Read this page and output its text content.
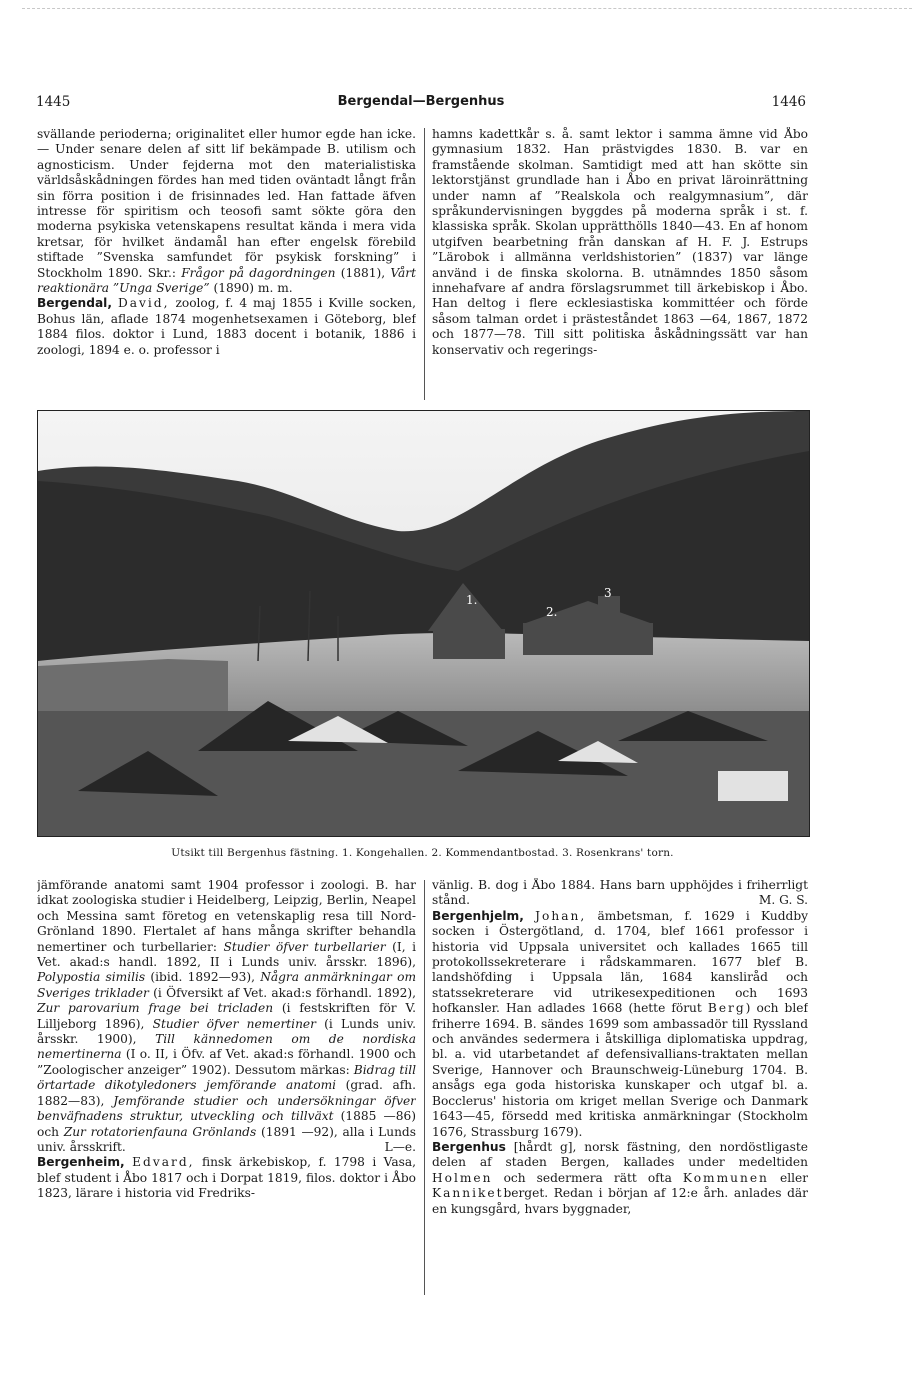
1445	Bergendal—Bergenhus	1446

svällande perioderna; originalitet eller humor egde han icke. — Under senare delen af sitt lif bekämpade B. utilism och agnosticism. Under fejderna mot den materialistiska världsåskådningen fördes han med tiden oväntadt långt från sin förra position i de frisinnades led. Han fattade äfven intresse för spiritism och teosofi samt sökte göra den moderna psykiska vetenskapens resultat kända i mera vida kretsar, för hvilket ändamål han efter engelsk förebild stiftade ”Svenska samfundet för psykisk forskning” i Stockholm 1890. Skr.: Frågor på dagordningen (1881), Vårt reaktionära ”Unga Sverige” (1890) m. m.

Bergendal, David, zoolog, f. 4 maj 1855 i Kville socken, Bohus län, aflade 1874 mogenhetsexamen i Göteborg, blef 1884 filos. doktor i Lund, 1883 docent i botanik, 1886 i zoologi, 1894 e. o. professor i

hamns kadettkår s. å. samt lektor i samma ämne vid Åbo gymnasium 1832. Han prästvigdes 1830. B. var en framstående skolman. Samtidigt med att han skötte sin lektorstjänst grundlade han i Åbo en privat läroinrättning under namn af ”Realskola och realgymnasium”, där språkundervisningen byggdes på moderna språk i st. f. klassiska språk. Skolan upprätthölls 1840—43. En af honom utgifven bearbetning från danskan af H. F. J. Estrups ”Lärobok i allmänna verldshistorien” (1837) var länge använd i de finska skolorna. B. utnämndes 1850 såsom innehafvare af andra förslagsrummet till ärkebiskop i Åbo. Han deltog i flere ecklesiastiska kommittéer och förde såsom talman ordet i prästeståndet 1863 —64, 1867, 1872 och 1877—78. Till sitt politiska åskådningssätt var han konservativ och regerings-

1.
2.
3
Utsikt till Bergenhus fästning. 1. Kongehallen. 2. Kommendantbostad. 3. Rosenkrans' torn.

jämförande anatomi samt 1904 professor i zoologi. B. har idkat zoologiska studier i Heidelberg, Leipzig, Berlin, Neapel och Messina samt företog en vetenskaplig resa till Nord-Grönland 1890. Flertalet af hans många skrifter behandla nemertiner och turbellarier: Studier öfver turbellarier (I, i Vet. akad:s handl. 1892, II i Lunds univ. årsskr. 1896), Polypostia similis (ibid. 1892—93), Några anmärkningar om Sveriges triklader (i Öfversikt af Vet. akad:s förhandl. 1892), Zur parovarium frage bei tricladen (i festskriften för V. Lilljeborg 1896), Studier öfver nemertiner (i Lunds univ. årsskr. 1900), Till kännedomen om de nordiska nemertinerna (I o. II, i Öfv. af Vet. akad:s förhandl. 1900 och ”Zoologischer anzeiger” 1902). Dessutom märkas: Bidrag till örtartade dikotyledoners jemförande anatomi (grad. afh. 1882—83), Jemförande studier och undersökningar öfver benväfnadens struktur, utveckling och tillväxt (1885 —86) och Zur rotatorienfauna Grönlands (1891 —92), alla i Lunds univ. årsskrift.	L—e.

Bergenheim, Edvard, finsk ärkebiskop, f. 1798 i Vasa, blef student i Åbo 1817 och i Dorpat 1819, filos. doktor i Åbo 1823, lärare i historia vid Fredriks-

vänlig. B. dog i Åbo 1884. Hans barn upphöjdes i friherrligt stånd.	M. G. S.

Bergenhjelm, Johan, ämbetsman, f. 1629 i Kuddby socken i Östergötland, d. 1704, blef 1661 professor i historia vid Uppsala universitet och kallades 1665 till protokollssekreterare i rådskammaren. 1677 blef B. landshöfding i Uppsala län, 1684 kansliråd och statssekreterare vid utrikesexpeditionen och 1693 hofkansler. Han adlades 1668 (hette förut Berg) och blef friherre 1694. B. sändes 1699 som ambassadör till Ryssland och användes sedermera i åtskilliga diplomatiska uppdrag, bl. a. vid utarbetandet af defensivallians-traktaten mellan Sverige, Hannover och Braunschweig-Lüneburg 1704. B. ansågs ega goda historiska kunskaper och utgaf bl. a. Bocclerus' historia om kriget mellan Sverige och Danmark 1643—45, försedd med kritiska anmärkningar (Stockholm 1676, Strassburg 1679).

Bergenhus [hårdt g], norsk fästning, den nordöstligaste delen af staden Bergen, kallades under medeltiden Holmen och sedermera rätt ofta Kommunen eller Kanniketberget. Redan i början af 12:e årh. anlades där en kungsgård, hvars byggnader,
